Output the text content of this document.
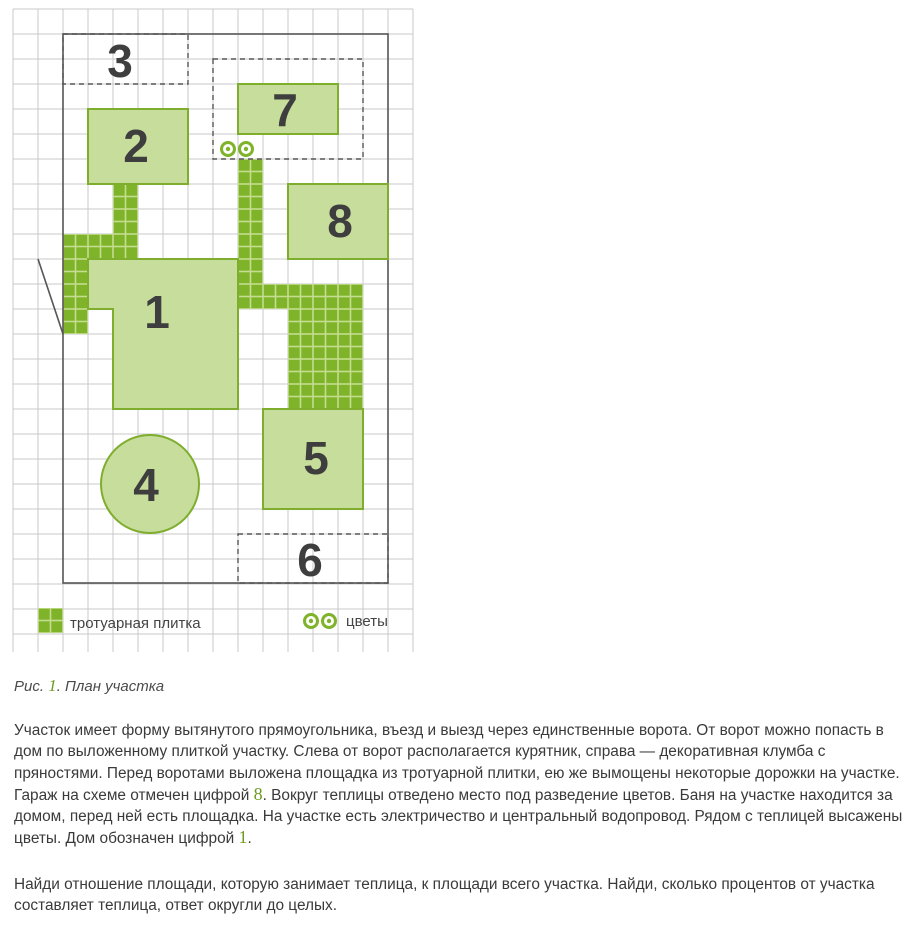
1
2
3
4
5
6
7
8
тротуарная плитка	цветы
Рис. 1. План участка
Участок имеет форму вытянутого прямоугольника, въезд и выезд через единственные ворота. От ворот можно попасть в дом по выложенному плиткой участку. Слева от ворот располагается курятник, справа — декоративная клумба с пряностями. Перед воротами выложена площадка из тротуарной плитки, ею же вымощены некоторые дорожки на участке. Гараж на схеме отмечен цифрой 8. Вокруг теплицы отведено место под разведение цветов. Баня на участке находится за домом, перед ней есть площадка. На участке есть электричество и центральный водопровод. Рядом с теплицей высажены цветы. Дом обозначен цифрой 1.
Найди отношение площади, которую занимает теплица, к площади всего участка. Найди, сколько процентов от участка составляет теплица, ответ округли до целых.
